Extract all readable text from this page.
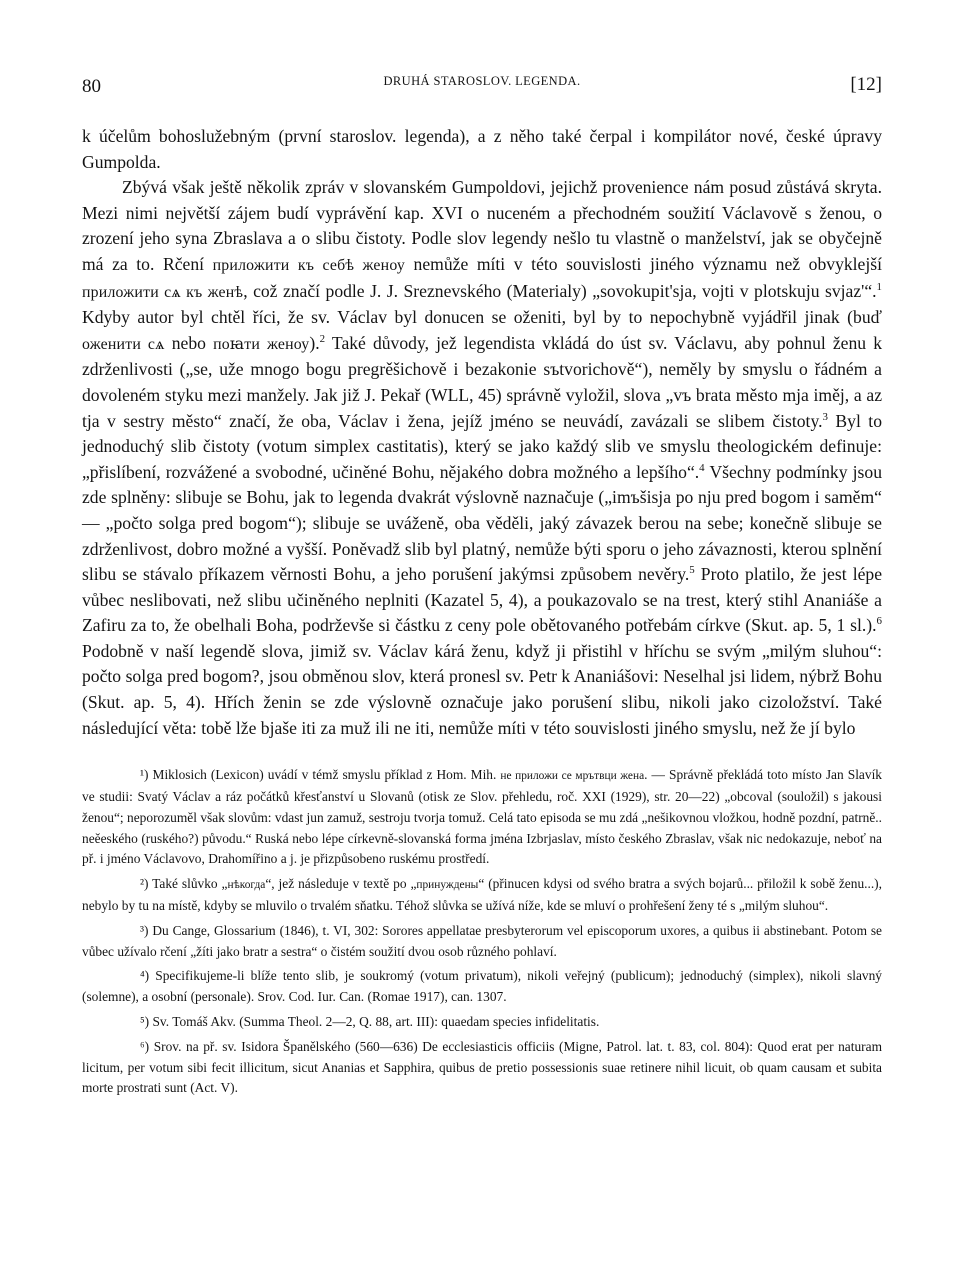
80	DRUHÁ STAROSLOV. LEGENDA.	[12]

k účelům bohoslužebným (první staroslov. legenda), a z něho také čerpal i kompilátor nové, české úpravy Gumpolda.

Zbývá však ještě několik zpráv v slovanském Gumpoldovi, jejichž provenience nám posud zůstává skryta. Mezi nimi největší zájem budí vyprávění kap. XVI o nuceném a přechodném soužití Václavově s ženou, o zrození jeho syna Zbraslava a o slibu čistoty. Podle slov legendy nešlo tu vlastně o manželství, jak se obyčejně má za to. Rčení приложити къ себѣ женоу nemůže míti v této souvislosti jiného významu než obvyklejší приложити сѧ къ женѣ, což značí podle J. J. Sreznevského (Materialy) „sovokupit'sja, vojti v plotskuju svjaz'“.$^1$ Kdyby autor byl chtěl říci, že sv. Václav byl donucen se oženiti, byl by to nepochybně vyjádřil jinak (buď оженити сѧ nebo поꙗти женоу).$^2$ Také důvody, jež legendista vkládá do úst sv. Václavu, aby pohnul ženu k zdrženlivosti („se, uže mnogo bogu pregrěšichově i bezakonie sъtvorichově“), neměly by smyslu o řádném a dovoleném styku mezi manžely. Jak již J. Pekař (WLL, 45) správně vyložil, slova „vъ brata město mja iměj, a az tja v sestry město“ značí, že oba, Václav i žena, jejíž jméno se neuvádí, zavázali se slibem čistoty.$^3$ Byl to jednoduchý slib čistoty (votum simplex castitatis), který se jako každý slib ve smyslu theologickém definuje: „přislíbení, rozvážené a svobodné, učiněné Bohu, nějakého dobra možného a lepšího“.$^4$ Všechny podmínky jsou zde splněny: slibuje se Bohu, jak to legenda dvakrát výslovně naznačuje („imъšisja po nju pred bogom i saměm“ — „počto solga pred bogom“); slibuje se uváženě, oba věděli, jaký závazek berou na sebe; konečně slibuje se zdrženlivost, dobro možné a vyšší. Poněvadž slib byl platný, nemůže býti sporu o jeho závaznosti, kterou splnění slibu se stávalo příkazem věrnosti Bohu, a jeho porušení jakýmsi způsobem nevěry.$^5$ Proto platilo, že jest lépe vůbec neslibovati, než slibu učiněného neplniti (Kazatel 5, 4), a poukazovalo se na trest, který stihl Ananiáše a Zafiru za to, že obelhali Boha, podrževše si částku z ceny pole obětovaného potřebám církve (Skut. ap. 5, 1 sl.).$^6$ Podobně v naší legendě slova, jimiž sv. Václav kárá ženu, když ji přistihl v hříchu se svým „milým sluhou“: počto solga pred bogom?, jsou obměnou slov, která pronesl sv. Petr k Ananiášovi: Neselhal jsi lidem, nýbrž Bohu (Skut. ap. 5, 4). Hřích ženin se zde výslovně označuje jako porušení slibu, nikoli jako cizoložství. Také následující věta: tobě lže bjaše iti za muž ili ne iti, nemůže míti v této souvislosti jiného smyslu, než že jí bylo

¹) Miklosich (Lexicon) uvádí v témž smyslu příklad z Hom. Mih. не приложи се мрътвци жена. — Správně překládá toto místo Jan Slavík ve studii: Svatý Václav a ráz počátků křesťanství u Slovanů (otisk ze Slov. přehledu, roč. XXI (1929), str. 20—22) „obcoval (souložil) s jakousi ženou“; neporozuměl však slovům: vdast jun zamuž, sestroju tvorja tomuž. Celá tato episoda se mu zdá „nešikovnou vložkou, hodně pozdní, patrně.. neěeského (ruského?) původu.“ Ruská nebo lépe církevně-slovanská forma jména Izbrjaslav, místo českého Zbraslav, však nic nedokazuje, neboť na př. i jméno Václavovo, Drahomířino a j. je přizpůsobeno ruskému prostředí.

²) Také slůvko „нѣкогда“, jež následuje v textě po „принуждены“ (přinucen kdysi od svého bratra a svých bojarů... přiložil k sobě ženu...), nebylo by tu na místě, kdyby se mluvilo o trvalém sňatku. Téhož slůvka se užívá níže, kde se mluví o prohřešení ženy té s „milým sluhou“.

³) Du Cange, Glossarium (1846), t. VI, 302: Sorores appellatae presbyterorum vel episcoporum uxores, a quibus ii abstinebant. Potom se vůbec užívalo rčení „žíti jako bratr a sestra“ o čistém soužití dvou osob různého pohlaví.

⁴) Specifikujeme-li blíže tento slib, je soukromý (votum privatum), nikoli veřejný (publicum); jednoduchý (simplex), nikoli slavný (solemne), a osobní (personale). Srov. Cod. Iur. Can. (Romae 1917), can. 1307.

⁵) Sv. Tomáš Akv. (Summa Theol. 2—2, Q. 88, art. III): quaedam species infidelitatis.

⁶) Srov. na př. sv. Isidora Španělského (560—636) De ecclesiasticis officiis (Migne, Patrol. lat. t. 83, col. 804): Quod erat per naturam licitum, per votum sibi fecit illicitum, sicut Ananias et Sapphira, quibus de pretio possessionis suae retinere nihil licuit, ob quam causam et subita morte prostrati sunt (Act. V).
